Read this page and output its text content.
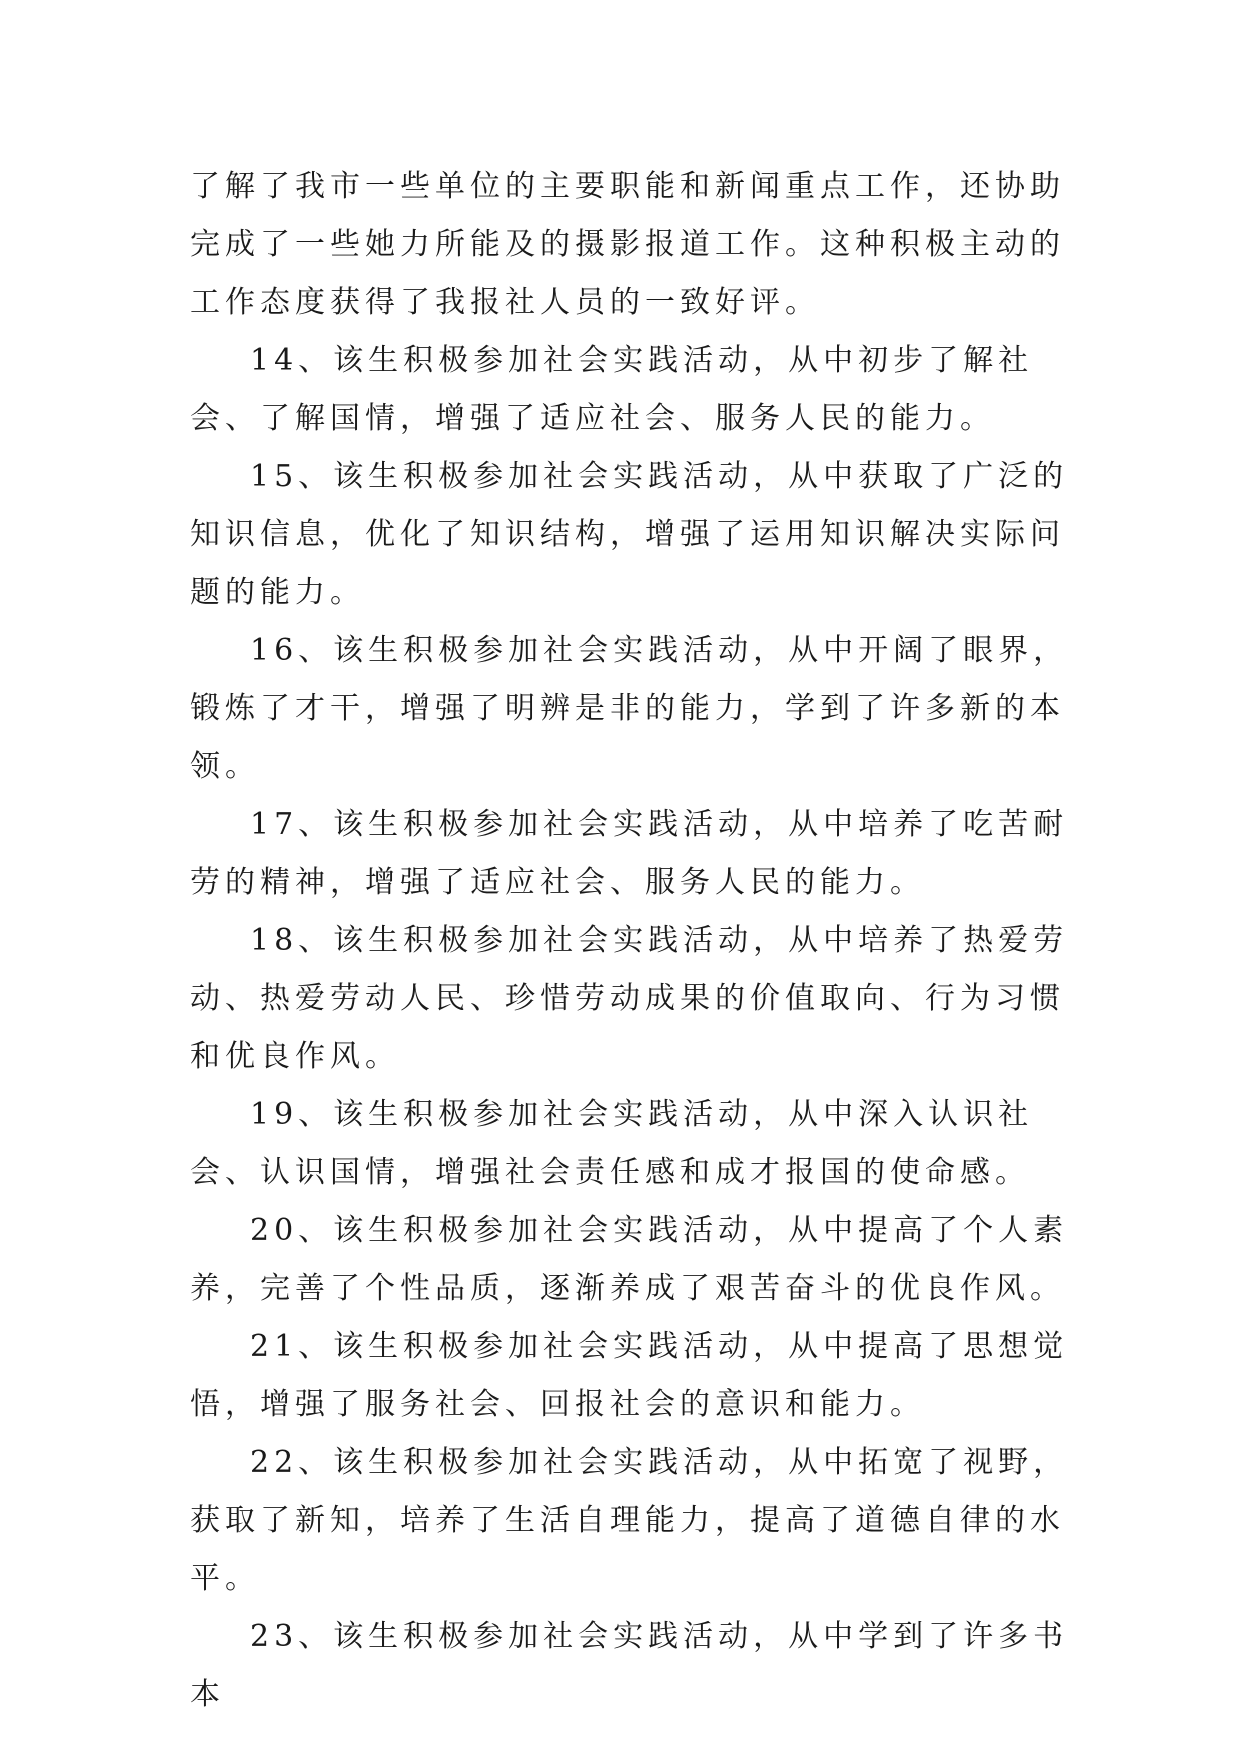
了解了我市一些单位的主要职能和新闻重点工作，还协助完成了一些她力所能及的摄影报道工作。这种积极主动的工作态度获得了我报社人员的一致好评。

14、该生积极参加社会实践活动，从中初步了解社会、了解国情，增强了适应社会、服务人民的能力。

15、该生积极参加社会实践活动，从中获取了广泛的知识信息，优化了知识结构，增强了运用知识解决实际问题的能力。

16、该生积极参加社会实践活动，从中开阔了眼界，锻炼了才干，增强了明辨是非的能力，学到了许多新的本领。

17、该生积极参加社会实践活动，从中培养了吃苦耐劳的精神，增强了适应社会、服务人民的能力。

18、该生积极参加社会实践活动，从中培养了热爱劳动、热爱劳动人民、珍惜劳动成果的价值取向、行为习惯和优良作风。

19、该生积极参加社会实践活动，从中深入认识社会、认识国情，增强社会责任感和成才报国的使命感。

20、该生积极参加社会实践活动，从中提高了个人素养，完善了个性品质，逐渐养成了艰苦奋斗的优良作风。

21、该生积极参加社会实践活动，从中提高了思想觉悟，增强了服务社会、回报社会的意识和能力。

22、该生积极参加社会实践活动，从中拓宽了视野，获取了新知，培养了生活自理能力，提高了道德自律的水平。

23、该生积极参加社会实践活动，从中学到了许多书本
